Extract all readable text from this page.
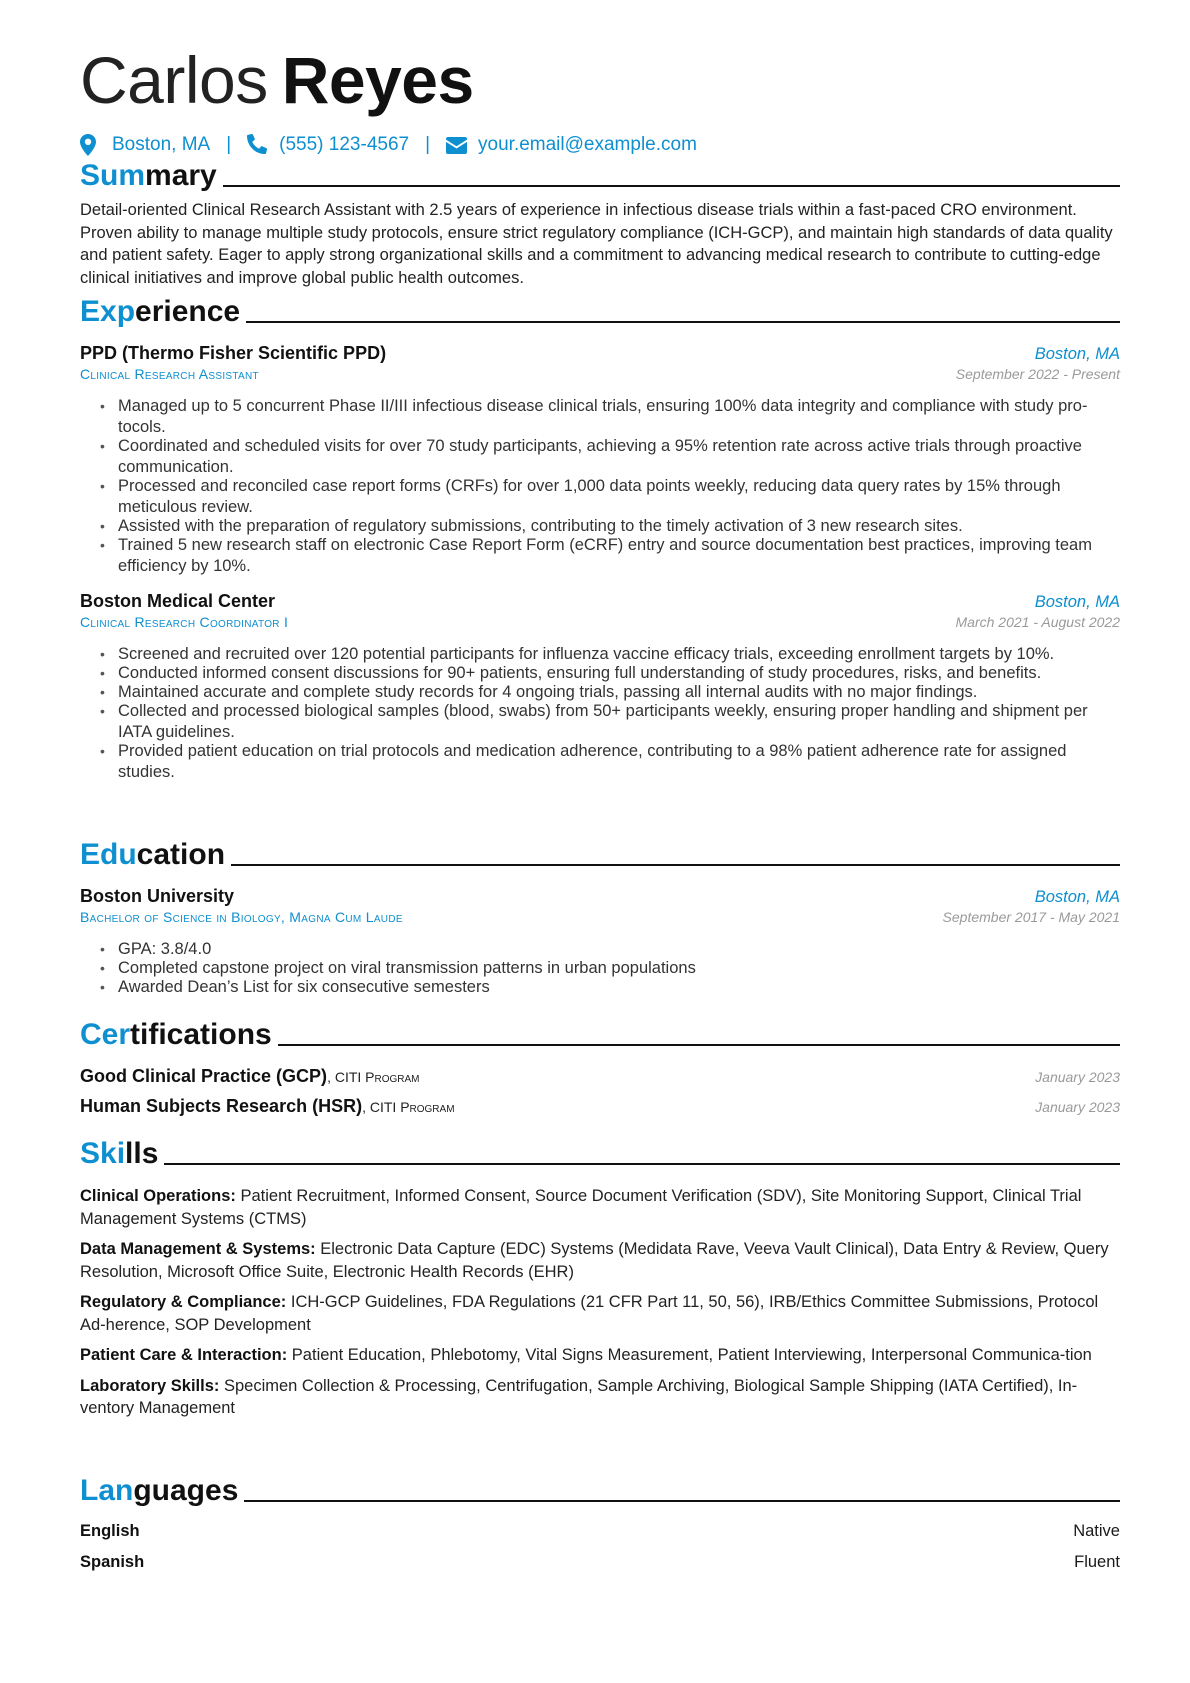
Carlos Reyes
Boston, MA |	(555) 123-4567 |	your.email@example.com
Summary
Detail-oriented Clinical Research Assistant with 2.5 years of experience in infectious disease trials within a fast-paced CRO environment. Proven ability to manage multiple study protocols, ensure strict regulatory compliance (ICH-GCP), and maintain high standards of data quality and patient safety. Eager to apply strong organizational skills and a commitment to advancing medical research to contribute to cutting-edge clinical initiatives and improve global public health outcomes.
Experience
PPD (Thermo Fisher Scientific PPD)	Boston, MA
Clinical Research Assistant	September 2022 - Present
• Managed up to 5 concurrent Phase II/III infectious disease clinical trials, ensuring 100% data integrity and compliance with study pro-tocols.
• Coordinated and scheduled visits for over 70 study participants, achieving a 95% retention rate across active trials through proactive communication.
• Processed and reconciled case report forms (CRFs) for over 1,000 data points weekly, reducing data query rates by 15% through meticulous review.
• Assisted with the preparation of regulatory submissions, contributing to the timely activation of 3 new research sites.
• Trained 5 new research staff on electronic Case Report Form (eCRF) entry and source documentation best practices, improving team efficiency by 10%.
Boston Medical Center	Boston, MA
Clinical Research Coordinator I	March 2021 - August 2022
• Screened and recruited over 120 potential participants for influenza vaccine efficacy trials, exceeding enrollment targets by 10%.
• Conducted informed consent discussions for 90+ patients, ensuring full understanding of study procedures, risks, and benefits.
• Maintained accurate and complete study records for 4 ongoing trials, passing all internal audits with no major findings.
• Collected and processed biological samples (blood, swabs) from 50+ participants weekly, ensuring proper handling and shipment per IATA guidelines.
• Provided patient education on trial protocols and medication adherence, contributing to a 98% patient adherence rate for assigned studies.
Education
Boston University	Boston, MA
Bachelor of Science in Biology, Magna Cum Laude	September 2017 - May 2021
• GPA: 3.8/4.0
• Completed capstone project on viral transmission patterns in urban populations
• Awarded Dean’s List for six consecutive semesters
Certifications
Good Clinical Practice (GCP), CITI Program	January 2023
Human Subjects Research (HSR), CITI Program	January 2023
Skills
Clinical Operations: Patient Recruitment, Informed Consent, Source Document Verification (SDV), Site Monitoring Support, Clinical Trial Management Systems (CTMS)
Data Management & Systems: Electronic Data Capture (EDC) Systems (Medidata Rave, Veeva Vault Clinical), Data Entry & Review, Query Resolution, Microsoft Office Suite, Electronic Health Records (EHR)
Regulatory & Compliance: ICH-GCP Guidelines, FDA Regulations (21 CFR Part 11, 50, 56), IRB/Ethics Committee Submissions, Protocol Ad-herence, SOP Development
Patient Care & Interaction: Patient Education, Phlebotomy, Vital Signs Measurement, Patient Interviewing, Interpersonal Communica-tion
Laboratory Skills: Specimen Collection & Processing, Centrifugation, Sample Archiving, Biological Sample Shipping (IATA Certified), In-ventory Management
Languages
English	Native
Spanish	Fluent
